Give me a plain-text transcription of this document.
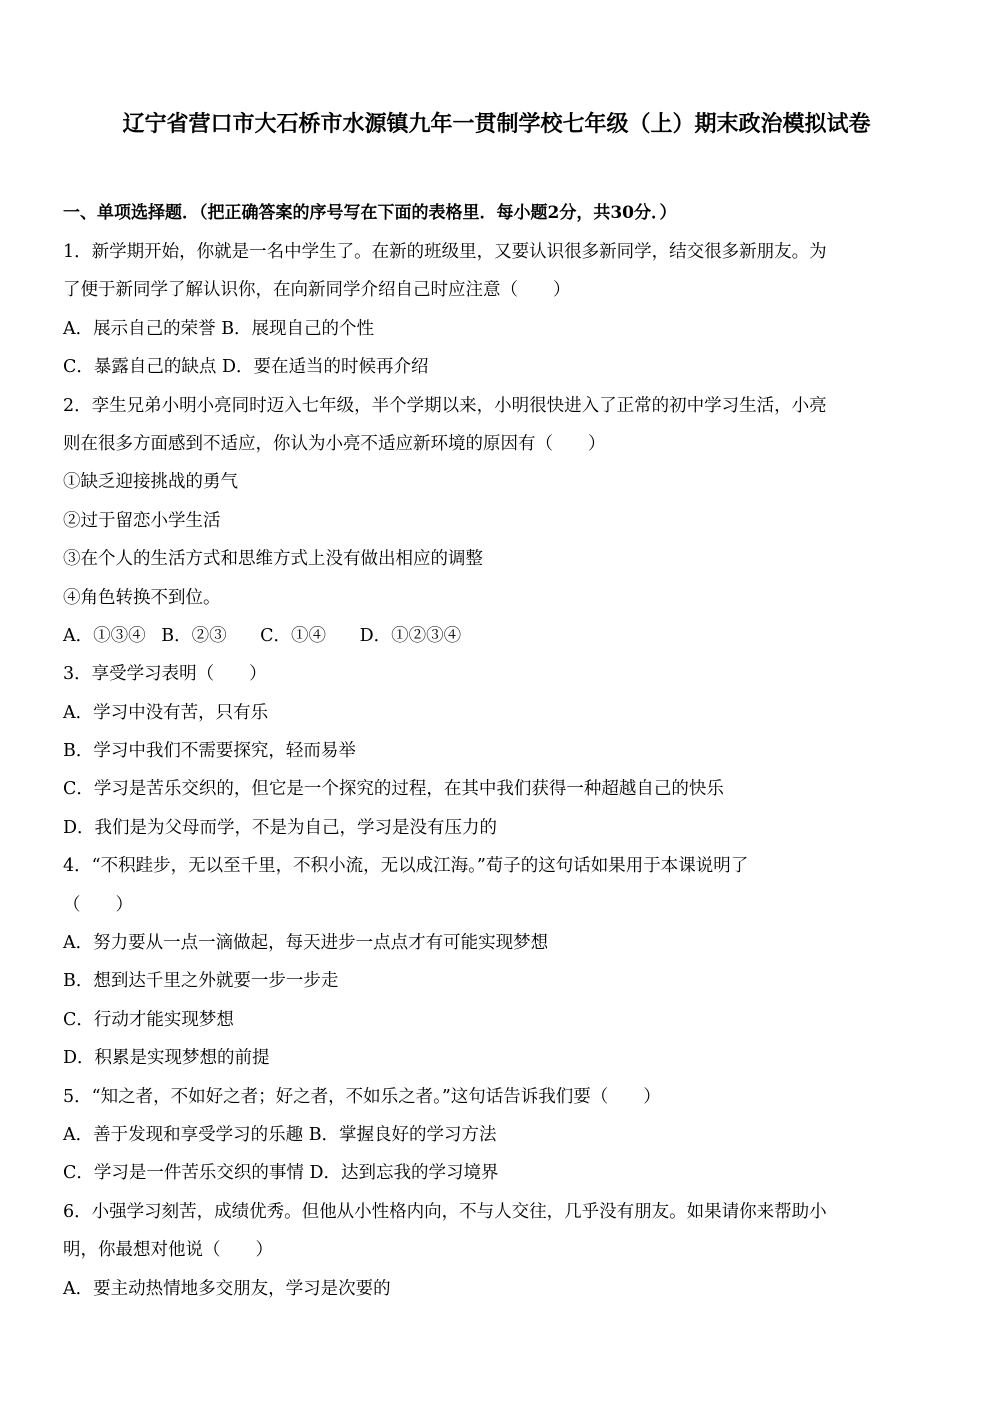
辽宁省营口市大石桥市水源镇九年一贯制学校七年级（上）期末政治模拟试卷
一、单项选择题．（把正确答案的序号写在下面的表格里．每小题2分，共30分．）
1．新学期开始，你就是一名中学生了。在新的班级里，又要认识很多新同学，结交很多新朋友。为
了便于新同学了解认识你，在向新同学介绍自己时应注意（　　）
A．展示自己的荣誉 B．展现自己的个性
C．暴露自己的缺点 D．要在适当的时候再介绍
2．孪生兄弟小明小亮同时迈入七年级，半个学期以来，小明很快进入了正常的初中学习生活，小亮
则在很多方面感到不适应，你认为小亮不适应新环境的原因有（　　）
①缺乏迎接挑战的勇气
②过于留恋小学生活
③在个人的生活方式和思维方式上没有做出相应的调整
④角色转换不到位。
A．①③④ B．②③ C．①④ D．①②③④
3．享受学习表明（　　）
A．学习中没有苦，只有乐
B．学习中我们不需要探究，轻而易举
C．学习是苦乐交织的，但它是一个探究的过程，在其中我们获得一种超越自己的快乐
D．我们是为父母而学，不是为自己，学习是没有压力的
4．“不积跬步，无以至千里，不积小流，无以成江海。”荀子的这句话如果用于本课说明了
（　　）
A．努力要从一点一滴做起，每天进步一点点才有可能实现梦想
B．想到达千里之外就要一步一步走
C．行动才能实现梦想
D．积累是实现梦想的前提
5．“知之者，不如好之者；好之者，不如乐之者。”这句话告诉我们要（　　）
A．善于发现和享受学习的乐趣 B．掌握良好的学习方法
C．学习是一件苦乐交织的事情 D．达到忘我的学习境界
6．小强学习刻苦，成绩优秀。但他从小性格内向，不与人交往，几乎没有朋友。如果请你来帮助小
明，你最想对他说（　　）
A．要主动热情地多交朋友，学习是次要的
